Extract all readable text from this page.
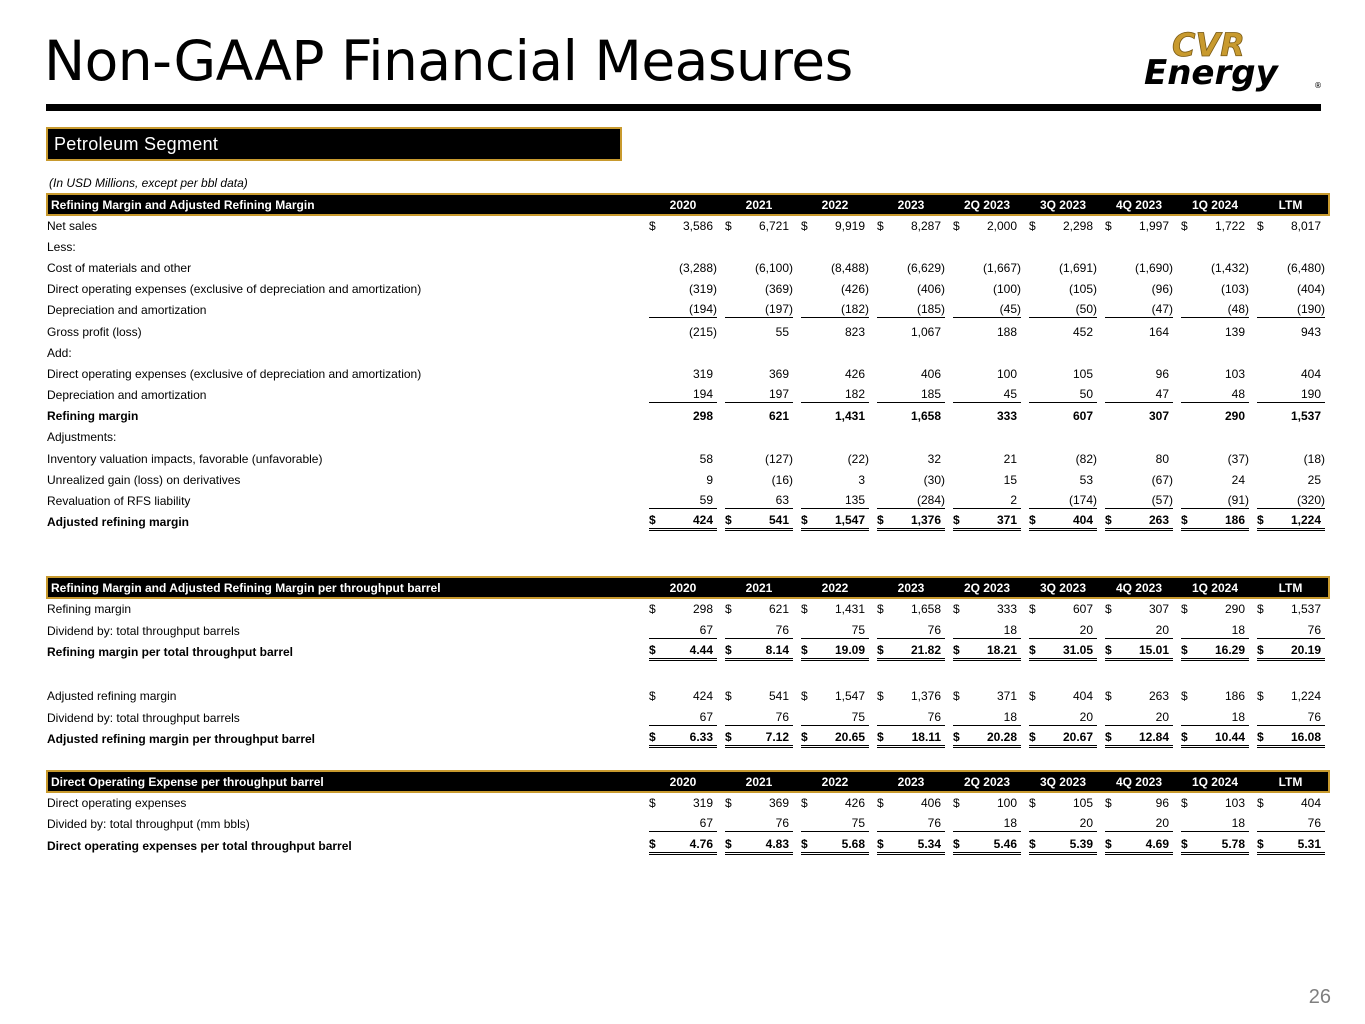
Non-GAAP Financial Measures	CVR
Energy	®
Petroleum Segment
(In USD Millions, except per bbl data)
Refining Margin and Adjusted Refining Margin	2020	2021	2022	2023	2Q 2023	3Q 2023	4Q 2023	1Q 2024	LTM
Net sales	$ 3,586	$ 6,721	$ 9,919	$ 8,287	$ 2,000	$ 2,298	$ 1,997	$ 1,722	$ 8,017

Less:									
Cost of materials and other	(3,288)	(6,100)	(8,488)	(6,629)	(1,667)	(1,691)	(1,690)	(1,432)	(6,480)

Direct operating expenses (exclusive of depreciation and amortization)	(319)	(369)	(426)	(406)	(100)	(105)	(96)	(103)	(404)

Depreciation and amortization	(194)	(197)	(182)	(185)	(45)	(50)	(47)	(48)	(190)

Gross profit (loss)	(215)	55	823	1,067	188	452	164	139	943

Add:									
Direct operating expenses (exclusive of depreciation and amortization)	319	369	426	406	100	105	96	103	404

Depreciation and amortization	194	197	182	185	45	50	47	48	190

Refining margin	298	621	1,431	1,658	333	607	307	290	1,537

Adjustments:									
Inventory valuation impacts, favorable (unfavorable)	58	(127)	(22)	32	21	(82)	80	(37)	(18)

Unrealized gain (loss) on derivatives	9	(16)	3	(30)	15	53	(67)	24	25

Revaluation of RFS liability	59	63	135	(284)	2	(174)	(57)	(91)	(320)

Adjusted refining margin	$ 424	$ 541	$ 1,547	$ 1,376	$ 371	$ 404	$ 263	$ 186	$ 1,224
Refining Margin and Adjusted Refining Margin per throughput barrel	2020	2021	2022	2023	2Q 2023	3Q 2023	4Q 2023	1Q 2024	LTM
Refining margin	$ 298	$ 621	$ 1,431	$ 1,658	$ 333	$ 607	$ 307	$ 290	$ 1,537

Dividend by: total throughput barrels	67	76	75	76	18	20	20	18	76

Refining margin per total throughput barrel	$ 4.44	$ 8.14	$ 19.09	$ 21.82	$ 18.21	$ 31.05	$ 15.01	$ 16.29	$ 20.19

Adjusted refining margin	$ 424	$ 541	$ 1,547	$ 1,376	$ 371	$ 404	$ 263	$ 186	$ 1,224

Dividend by: total throughput barrels	67	76	75	76	18	20	20	18	76

Adjusted refining margin per throughput barrel	$ 6.33	$ 7.12	$ 20.65	$ 18.11	$ 20.28	$ 20.67	$ 12.84	$ 10.44	$ 16.08
Direct Operating Expense per throughput barrel	2020	2021	2022	2023	2Q 2023	3Q 2023	4Q 2023	1Q 2024	LTM
Direct operating expenses	$ 319	$ 369	$ 426	$ 406	$ 100	$ 105	$ 96	$ 103	$ 404

Divided by: total throughput (mm bbls)	67	76	75	76	18	20	20	18	76

Direct operating expenses per total throughput barrel	$ 4.76	$ 4.83	$ 5.68	$ 5.34	$ 5.46	$ 5.39	$ 4.69	$ 5.78	$ 5.31
26
